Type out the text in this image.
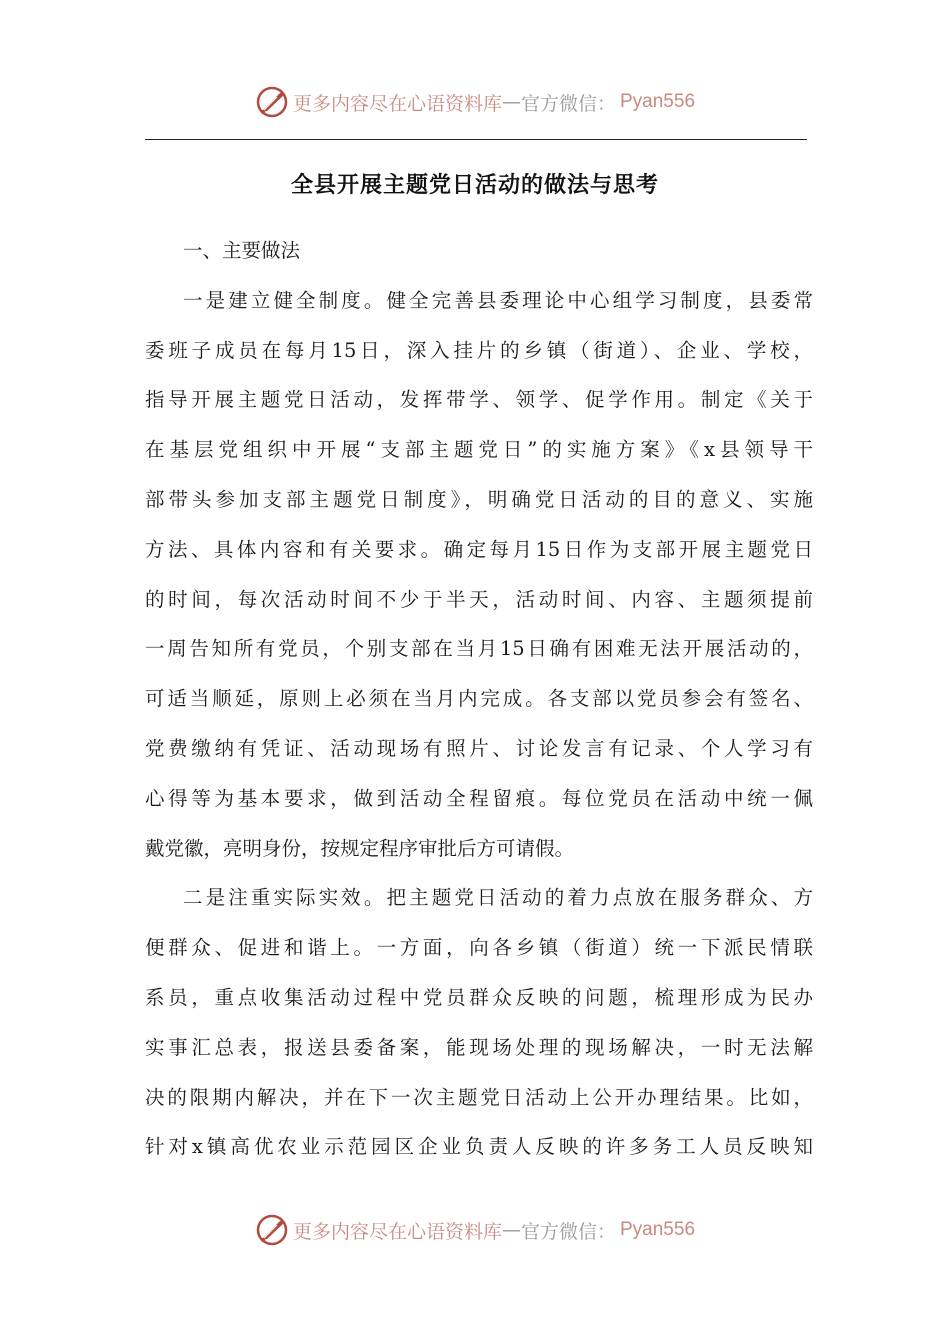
更多内容尽在心语资料库 — 官方微信： Pyan556
全县开展主题党日活动的做法与思考
一、主要做法
一是建立健全制度。健全完善县委理论中心组学习制度，县委常
委班子成员在每月15日，深入挂片的乡镇（街道）、企业、学校，
指导开展主题党日活动，发挥带学、领学、促学作用。制定《关于
在基层党组织中开展“支部主题党日”的实施方案》《x县领导干
部带头参加支部主题党日制度》，明确党日活动的目的意义、实施
方法、具体内容和有关要求。确定每月15日作为支部开展主题党日
的时间，每次活动时间不少于半天，活动时间、内容、主题须提前
一周告知所有党员，个别支部在当月15日确有困难无法开展活动的，
可适当顺延，原则上必须在当月内完成。各支部以党员参会有签名、
党费缴纳有凭证、活动现场有照片、讨论发言有记录、个人学习有
心得等为基本要求，做到活动全程留痕。每位党员在活动中统一佩
戴党徽，亮明身份，按规定程序审批后方可请假。
二是注重实际实效。把主题党日活动的着力点放在服务群众、方
便群众、促进和谐上。一方面，向各乡镇（街道）统一下派民情联
系员，重点收集活动过程中党员群众反映的问题，梳理形成为民办
实事汇总表，报送县委备案，能现场处理的现场解决，一时无法解
决的限期内解决，并在下一次主题党日活动上公开办理结果。比如，
针对x镇高优农业示范园区企业负责人反映的许多务工人员反映知
更多内容尽在心语资料库 — 官方微信： Pyan556
